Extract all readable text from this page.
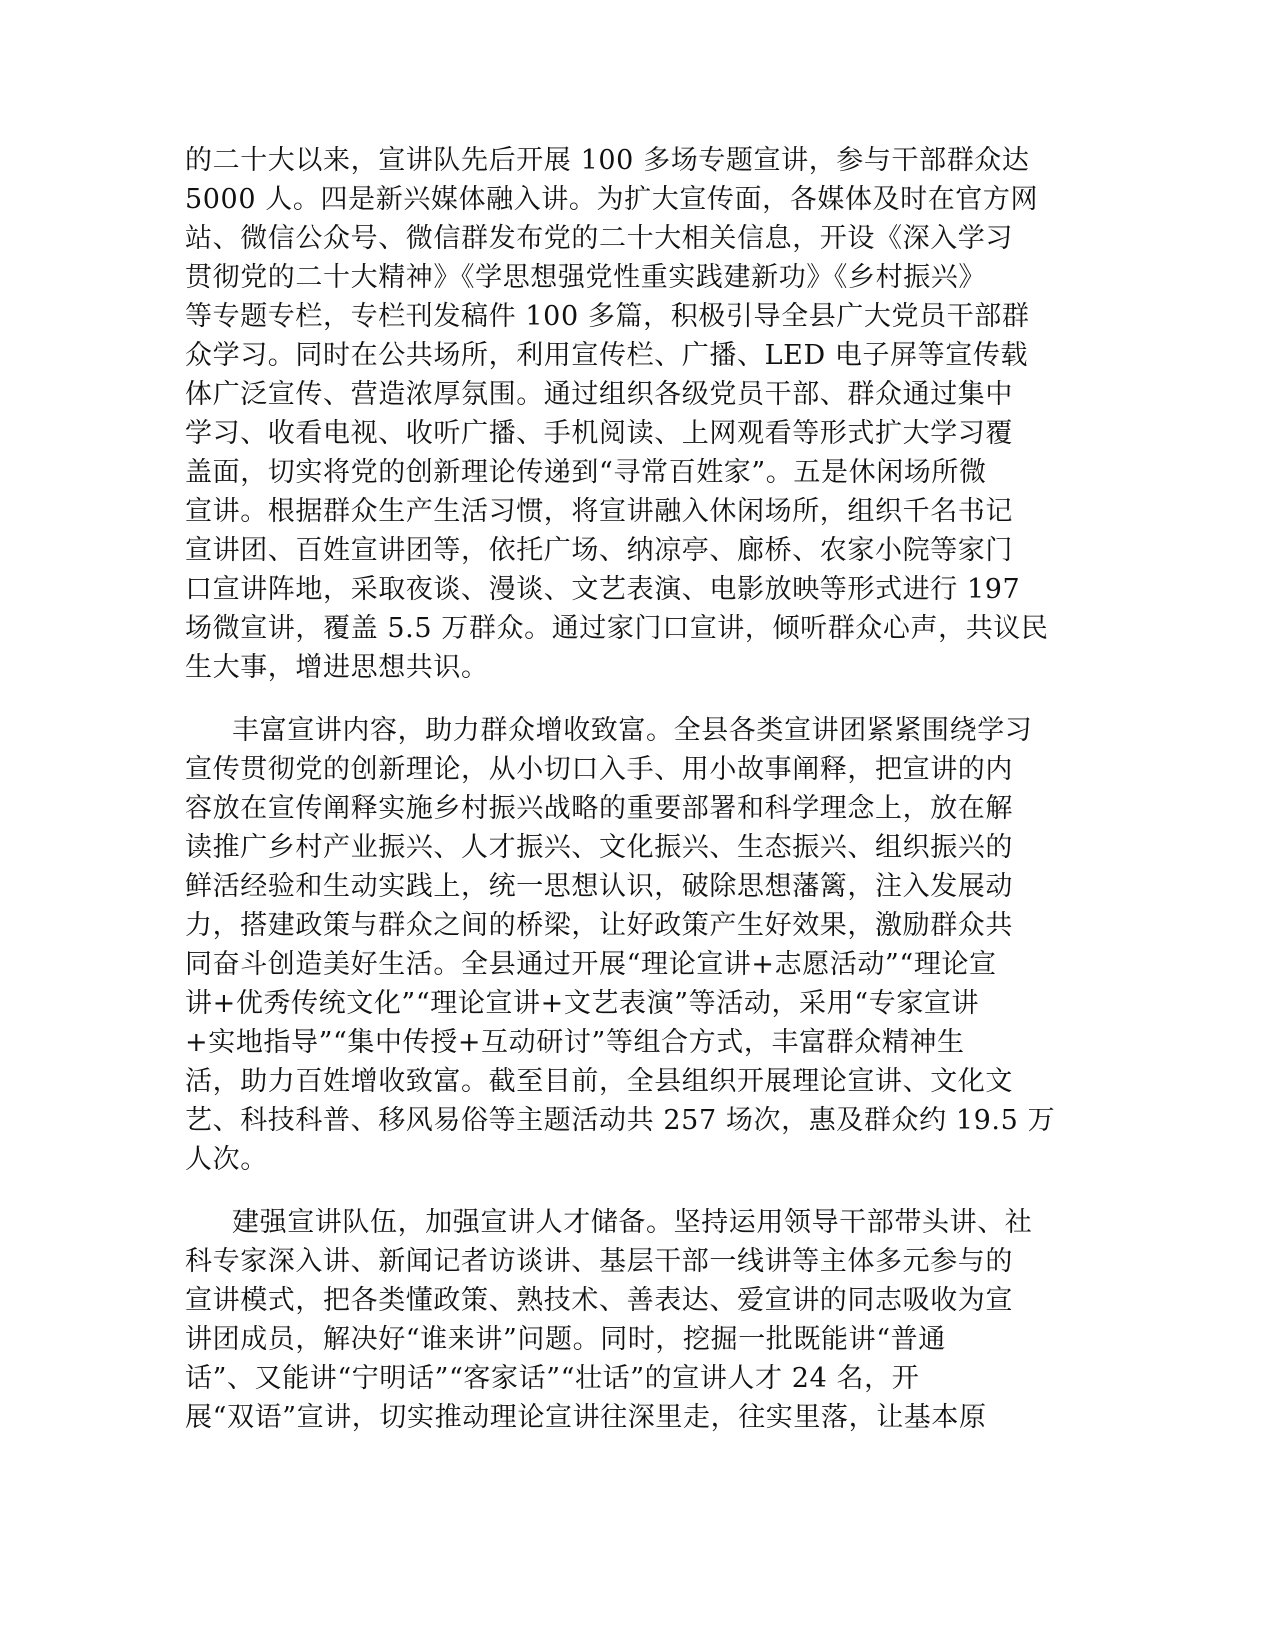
的二十大以来，宣讲队先后开展 100 多场专题宣讲，参与干部群众达
5000 人。四是新兴媒体融入讲。为扩大宣传面，各媒体及时在官方网
站、微信公众号、微信群发布党的二十大相关信息，开设《深入学习
贯彻党的二十大精神》《学思想强党性重实践建新功》《乡村振兴》
等专题专栏，专栏刊发稿件 100 多篇，积极引导全县广大党员干部群
众学习。同时在公共场所，利用宣传栏、广播、LED 电子屏等宣传载
体广泛宣传、营造浓厚氛围。通过组织各级党员干部、群众通过集中
学习、收看电视、收听广播、手机阅读、上网观看等形式扩大学习覆
盖面，切实将党的创新理论传递到“寻常百姓家”。五是休闲场所微
宣讲。根据群众生产生活习惯，将宣讲融入休闲场所，组织千名书记
宣讲团、百姓宣讲团等，依托广场、纳凉亭、廊桥、农家小院等家门
口宣讲阵地，采取夜谈、漫谈、文艺表演、电影放映等形式进行 197
场微宣讲，覆盖 5.5 万群众。通过家门口宣讲，倾听群众心声，共议民
生大事，增进思想共识。
丰富宣讲内容，助力群众增收致富。全县各类宣讲团紧紧围绕学习
宣传贯彻党的创新理论，从小切口入手、用小故事阐释，把宣讲的内
容放在宣传阐释实施乡村振兴战略的重要部署和科学理念上，放在解
读推广乡村产业振兴、人才振兴、文化振兴、生态振兴、组织振兴的
鲜活经验和生动实践上，统一思想认识，破除思想藩篱，注入发展动
力，搭建政策与群众之间的桥梁，让好政策产生好效果，激励群众共
同奋斗创造美好生活。全县通过开展“理论宣讲+志愿活动”“理论宣
讲+优秀传统文化”“理论宣讲+文艺表演”等活动，采用“专家宣讲
+实地指导”“集中传授+互动研讨”等组合方式，丰富群众精神生
活，助力百姓增收致富。截至目前，全县组织开展理论宣讲、文化文
艺、科技科普、移风易俗等主题活动共 257 场次，惠及群众约 19.5 万
人次。
建强宣讲队伍，加强宣讲人才储备。坚持运用领导干部带头讲、社
科专家深入讲、新闻记者访谈讲、基层干部一线讲等主体多元参与的
宣讲模式，把各类懂政策、熟技术、善表达、爱宣讲的同志吸收为宣
讲团成员，解决好“谁来讲”问题。同时，挖掘一批既能讲“普通
话”、又能讲“宁明话”“客家话”“壮话”的宣讲人才 24 名，开
展“双语”宣讲，切实推动理论宣讲往深里走，往实里落，让基本原
